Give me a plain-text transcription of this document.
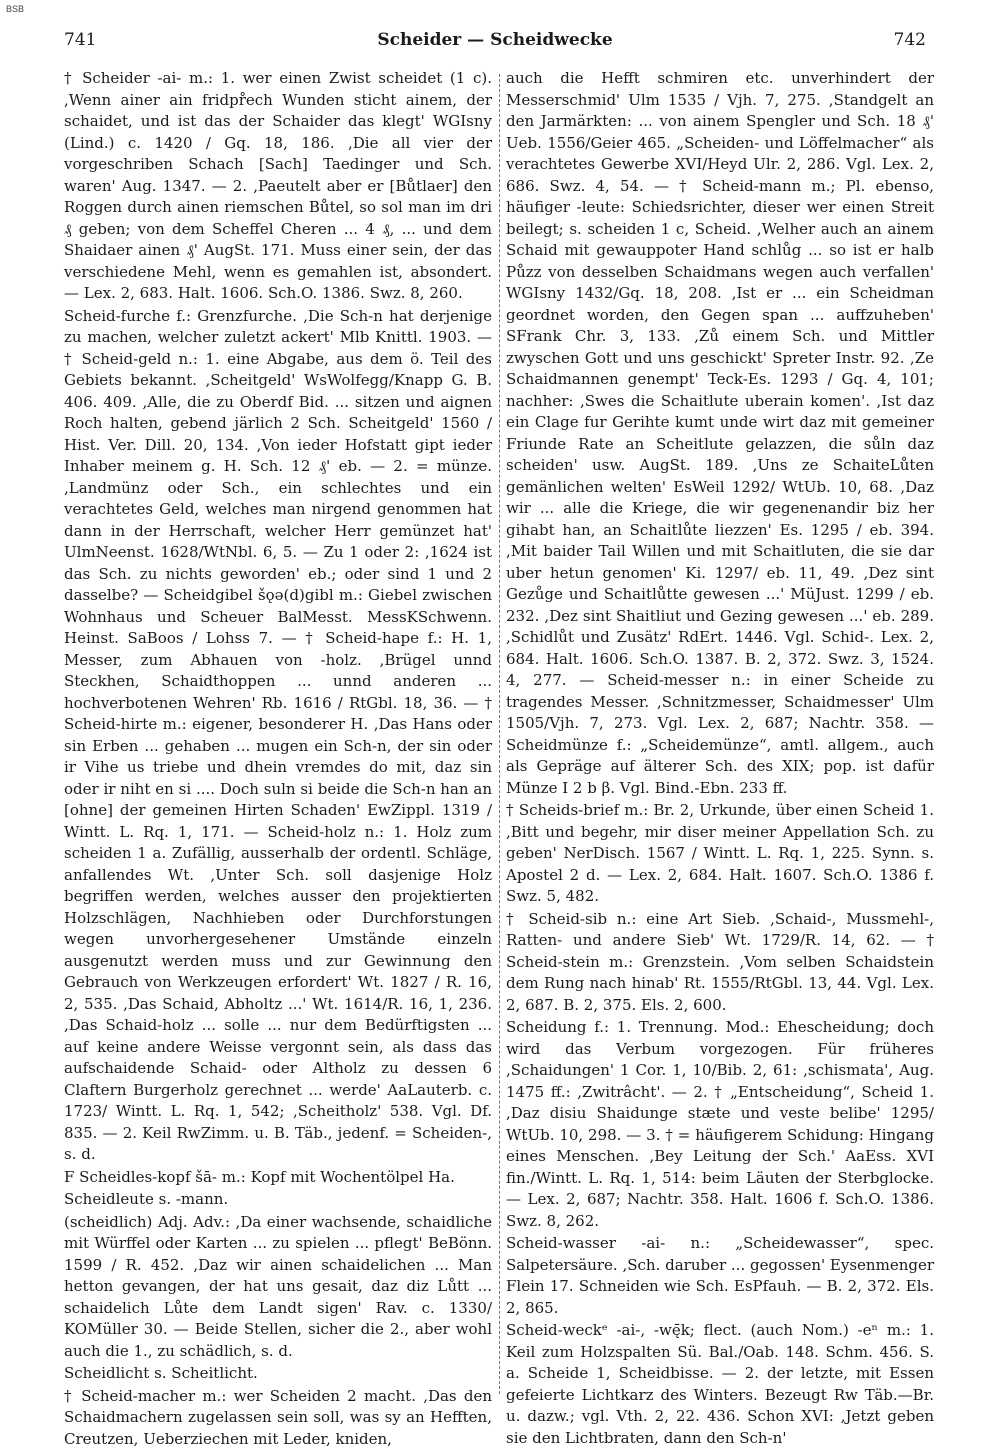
BSB
741	Scheider — Scheidwecke	742

† Scheider -ai- m.: 1. wer einen Zwist scheidet (1 c). ,Wenn ainer ain fridpr̊ech Wunden sticht ainem, der schaidet, und ist das der Schaider das klegt' WGIsny (Lind.) c. 1420 / Gq. 18, 186. ,Die all vier der vorgeschriben Schach [Sach] Taedinger und Sch. waren' Aug. 1347. — 2. ,Paeutelt aber er [Bůtlaer] den Roggen durch ainen riemschen Bůtel, so sol man im dri ₰ geben; von dem Scheffel Cheren ... 4 ₰, ... und dem Shaidaer ainen ₰' AugSt. 171. Muss einer sein, der das verschiedene Mehl, wenn es gemahlen ist, absondert. — Lex. 2, 683. Halt. 1606. Sch.O. 1386. Swz. 8, 260.

Scheid-furche f.: Grenzfurche. ,Die Sch-n hat derjenige zu machen, welcher zuletzt ackert' Mlb Knittl. 1903. — † Scheid-geld n.: 1. eine Abgabe, aus dem ö. Teil des Gebiets bekannt. ,Scheitgeld' WsWolfegg/Knapp G. B. 406. 409. ,Alle, die zu Oberdf Bid. ... sitzen und aignen Roch halten, gebend järlich 2 Sch. Scheitgeld' 1560 / Hist. Ver. Dill. 20, 134. ,Von ieder Hofstatt gipt ieder Inhaber meinem g. H. Sch. 12 ₰' eb. — 2. = münze. ,Landmünz oder Sch., ein schlechtes und ein verachtetes Geld, welches man nirgend genommen hat dann in der Herrschaft, welcher Herr gemünzet hat' UlmNeenst. 1628/WtNbl. 6, 5. — Zu 1 oder 2: ,1624 ist das Sch. zu nichts geworden' eb.; oder sind 1 und 2 dasselbe? — Scheidgibel šǫə(d)gibl m.: Giebel zwischen Wohnhaus und Scheuer BalMesst. MessKSchwenn. Heinst. SaBoos / Lohss 7. — † Scheid-hape f.: H. 1, Messer, zum Abhauen von -holz. ,Brügel unnd Steckhen, Schaidthoppen ... unnd anderen ... hochverbotenen Wehren' Rb. 1616 / RtGbl. 18, 36. — † Scheid-hirte m.: eigener, besonderer H. ,Das Hans oder sin Erben ... gehaben ... mugen ein Sch-n, der sin oder ir Vihe us triebe und dhein vremdes do mit, daz sin oder ir niht en si .... Doch suln si beide die Sch-n han an [ohne] der gemeinen Hirten Schaden' EwZippl. 1319 / Wintt. L. Rq. 1, 171. — Scheid-holz n.: 1. Holz zum scheiden 1 a. Zufällig, ausserhalb der ordentl. Schläge, anfallendes Wt. ,Unter Sch. soll dasjenige Holz begriffen werden, welches ausser den projektierten Holzschlägen, Nachhieben oder Durchforstungen wegen unvorhergesehener Umstände einzeln ausgenutzt werden muss und zur Gewinnung den Gebrauch von Werkzeugen erfordert' Wt. 1827 / R. 16, 2, 535. ,Das Schaid, Abholtz ...' Wt. 1614/R. 16, 1, 236. ,Das Schaid-holz ... solle ... nur dem Bedürftigsten ... auf keine andere Weisse vergonnt sein, als dass das aufschaidende Schaid- oder Altholz zu dessen 6 Claftern Burgerholz gerechnet ... werde' AaLauterb. c. 1723/ Wintt. L. Rq. 1, 542; ,Scheitholz' 538. Vgl. Df. 835. — 2. Keil RwZimm. u. B. Täb., jedenf. = Scheiden-, s. d.

F Scheidles-kopf šā- m.: Kopf mit Wochentölpel Ha.

Scheidleute s. -mann.

(scheidlich) Adj. Adv.: ,Da einer wachsende, schaidliche mit Würffel oder Karten ... zu spielen ... pflegt' BeBönn. 1599 / R. 452. ,Daz wir ainen schaidelichen ... Man hetton gevangen, der hat uns gesait, daz diz Lůtt ... schaidelich Lůte dem Landt sigen' Rav. c. 1330/ KOMüller 30. — Beide Stellen, sicher die 2., aber wohl auch die 1., zu schädlich, s. d.

Scheidlicht s. Scheitlicht.

† Scheid-macher m.: wer Scheiden 2 macht. ,Das den Schaidmachern zugelassen sein soll, was sy an Hefften, Creutzen, Ueberziechen mit Leder, kniden,

auch die Hefft schmiren etc. unverhindert der Messerschmid' Ulm 1535 / Vjh. 7, 275. ,Standgelt an den Jarmärkten: ... von ainem Spengler und Sch. 18 ₰' Ueb. 1556/Geier 465. „Scheiden- und Löffelmacher“ als verachtetes Gewerbe XVI/Heyd Ulr. 2, 286. Vgl. Lex. 2, 686. Swz. 4, 54. — † Scheid-mann m.; Pl. ebenso, häufiger -leute: Schiedsrichter, dieser wer einen Streit beilegt; s. scheiden 1 c, Scheid. ,Welher auch an ainem Schaid mit gewauppoter Hand schlůg ... so ist er halb Půzz von desselben Schaidmans wegen auch verfallen' WGIsny 1432/Gq. 18, 208. ,Ist er ... ein Scheidman geordnet worden, den Gegen span ... auffzuheben' SFrank Chr. 3, 133. ,Zů einem Sch. und Mittler zwyschen Gott und uns geschickt' Spreter Instr. 92. ,Ze Schaidmannen genempt' Teck-Es. 1293 / Gq. 4, 101; nachher: ,Swes die Schaitlute uberain komen'. ,Ist daz ein Clage fur Gerihte kumt unde wirt daz mit gemeiner Friunde Rate an Scheitlute gelazzen, die sůln daz scheiden' usw. AugSt. 189. ,Uns ze SchaiteLůten gemänlichen welten' EsWeil 1292/ WtUb. 10, 68. ,Daz wir ... alle die Kriege, die wir gegenenandir biz her gihabt han, an Schaitlůte liezzen' Es. 1295 / eb. 394. ,Mit baider Tail Willen und mit Schaitluten, die sie dar uber hetun genomen' Ki. 1297/ eb. 11, 49. ,Dez sint Gezůge und Schaitlůtte gewesen ...' MüJust. 1299 / eb. 232. ,Dez sint Shaitliut und Gezing gewesen ...' eb. 289. ,Schidlůt und Zusätz' RdErt. 1446. Vgl. Schid-. Lex. 2, 684. Halt. 1606. Sch.O. 1387. B. 2, 372. Swz. 3, 1524. 4, 277. — Scheid-messer n.: in einer Scheide zu tragendes Messer. ,Schnitzmesser, Schaidmesser' Ulm 1505/Vjh. 7, 273. Vgl. Lex. 2, 687; Nachtr. 358. — Scheidmünze f.: „Scheidemünze“, amtl. allgem., auch als Gepräge auf älterer Sch. des XIX; pop. ist dafür Münze I 2 b β. Vgl. Bind.-Ebn. 233 ff.

† Scheids-brief m.: Br. 2, Urkunde, über einen Scheid 1. ,Bitt und begehr, mir diser meiner Appellation Sch. zu geben' NerDisch. 1567 / Wintt. L. Rq. 1, 225. Synn. s. Apostel 2 d. — Lex. 2, 684. Halt. 1607. Sch.O. 1386 f. Swz. 5, 482.

† Scheid-sib n.: eine Art Sieb. ,Schaid-, Mussmehl-, Ratten- und andere Sieb' Wt. 1729/R. 14, 62. — † Scheid-stein m.: Grenzstein. ,Vom selben Schaidstein dem Rung nach hinab' Rt. 1555/RtGbl. 13, 44. Vgl. Lex. 2, 687. B. 2, 375. Els. 2, 600.

Scheidung f.: 1. Trennung. Mod.: Ehescheidung; doch wird das Verbum vorgezogen. Für früheres ,Schaidungen' 1 Cor. 1, 10/Bib. 2, 61: ,schismata', Aug. 1475 ff.: ,Zwitrâcht'. — 2. † „Entscheidung“, Scheid 1. ,Daz disiu Shaidunge stæte und veste belibe' 1295/ WtUb. 10, 298. — 3. † = häufigerem Schidung: Hingang eines Menschen. ,Bey Leitung der Sch.' AaEss. XVI fin./Wintt. L. Rq. 1, 514: beim Läuten der Sterbglocke. — Lex. 2, 687; Nachtr. 358. Halt. 1606 f. Sch.O. 1386. Swz. 8, 262.

Scheid-wasser -ai- n.: „Scheidewasser“, spec. Salpetersäure. ,Sch. daruber ... gegossen' Eysenmenger Flein 17. Schneiden wie Sch. EsPfauh. — B. 2, 372. Els. 2, 865.

Scheid-weckᵉ -ai-, -wę̄k; flect. (auch Nom.) -eⁿ m.: 1. Keil zum Holzspalten Sü. Bal./Oab. 148. Schm. 456. S. a. Scheide 1, Scheidbisse. — 2. der letzte, mit Essen gefeierte Lichtkarz des Winters. Bezeugt Rw Täb.—Br. u. dazw.; vgl. Vth. 2, 22. 436. Schon XVI: ,Jetzt geben sie den Lichtbraten, dann den Sch-n'
